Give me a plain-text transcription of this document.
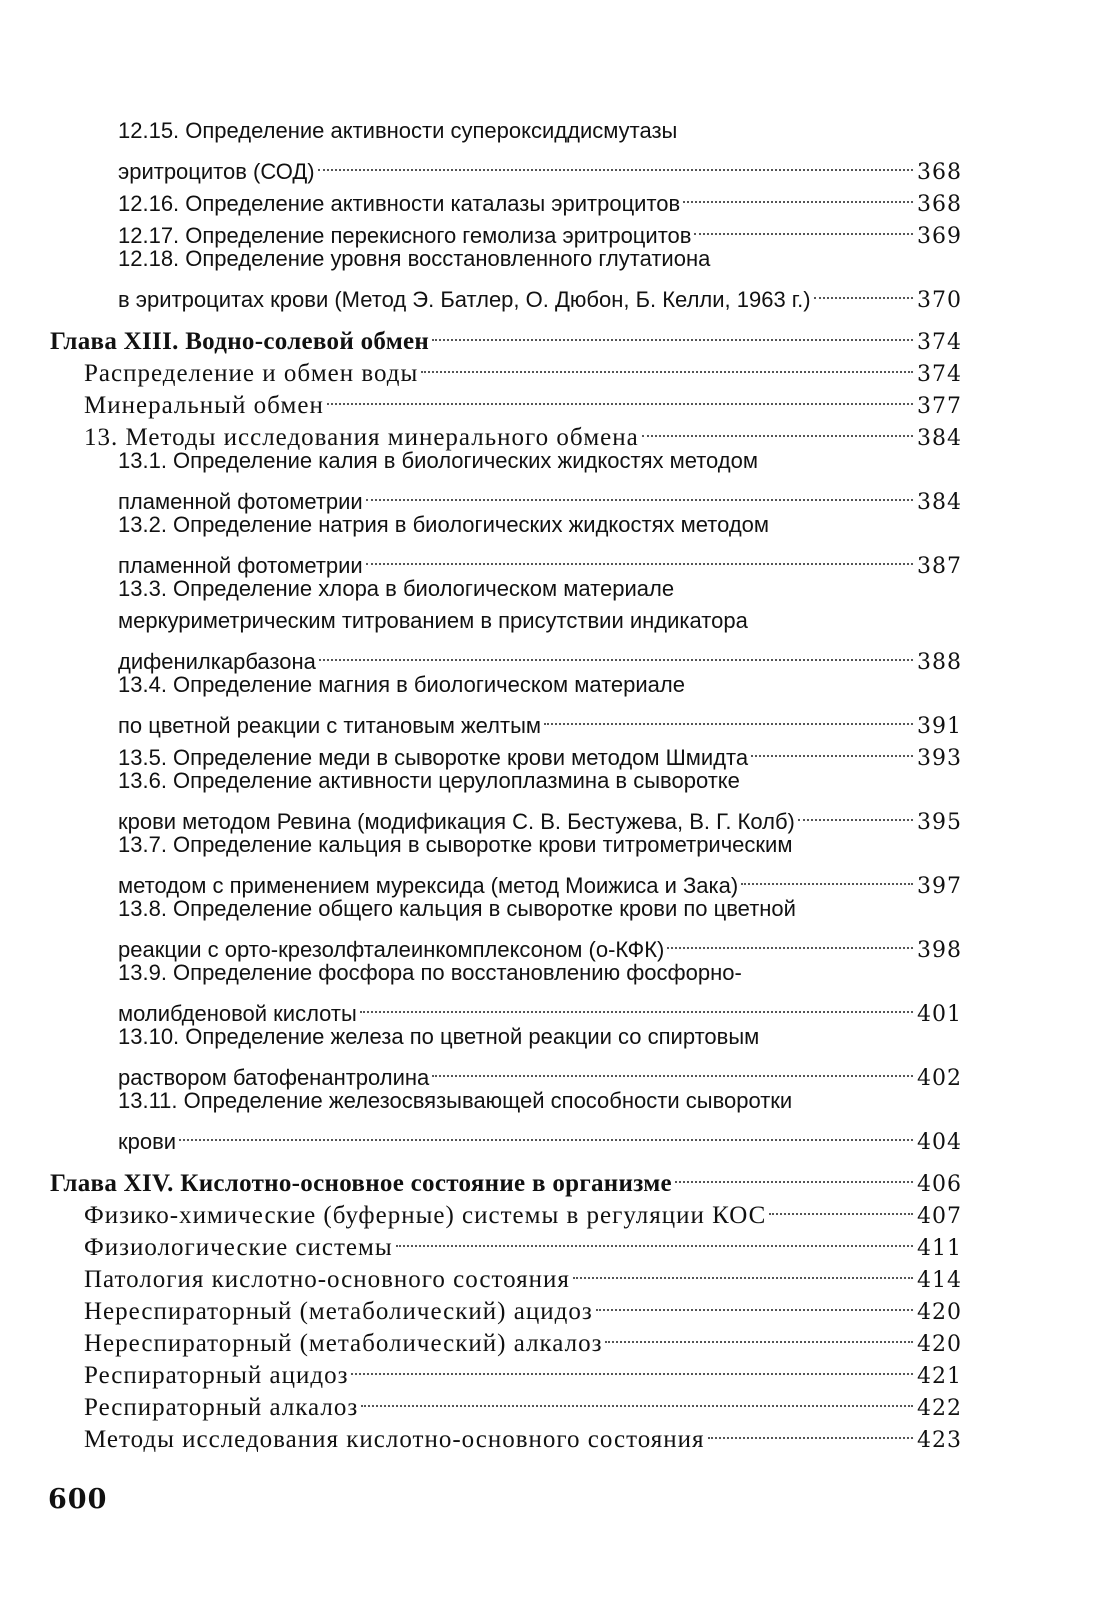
12.15. Определение активности супероксиддисмутазы
эритроцитов (СОД)	368
12.16. Определение активности каталазы эритроцитов	368
12.17. Определение перекисного гемолиза эритроцитов	369
12.18. Определение уровня восстановленного глутатиона
в эритроцитах крови (Метод Э. Батлер, О. Дюбон, Б. Келли, 1963 г.)	370
Глава XIII. Водно-солевой обмен	374
Распределение и обмен воды	374
Минеральный обмен	377
13. Методы исследования минерального обмена	384
13.1. Определение калия в биологических жидкостях методом
пламенной фотометрии	384
13.2. Определение натрия в биологических жидкостях методом
пламенной фотометрии	387
13.3. Определение хлора в биологическом материале
меркуриметрическим титрованием в присутствии индикатора
дифенилкарбазона	388
13.4. Определение магния в биологическом материале
по цветной реакции с титановым желтым	391
13.5. Определение меди в сыворотке крови методом Шмидта	393
13.6. Определение активности церулоплазмина в сыворотке
крови методом Ревина (модификация С. В. Бестужева, В. Г. Колб)	395
13.7. Определение кальция в сыворотке крови титрометрическим
методом с применением мурексида (метод Моижиса и Зака)	397
13.8. Определение общего кальция в сыворотке крови по цветной
реакции с орто-крезолфталеинкомплексоном (о-КФК)	398
13.9. Определение фосфора по восстановлению фосфорно-
молибденовой кислоты	401
13.10. Определение железа по цветной реакции со спиртовым
раствором батофенантролина	402
13.11. Определение железосвязывающей способности сыворотки
крови	404
Глава XIV. Кислотно-основное состояние в организме	406
Физико-химические (буферные) системы в регуляции КОС	407
Физиологические системы	411
Патология кислотно-основного состояния	414
Нереспираторный (метаболический) ацидоз	420
Нереспираторный (метаболический) алкалоз	420
Респираторный ацидоз	421
Респираторный алкалоз	422
Методы исследования кислотно-основного состояния	423
600
